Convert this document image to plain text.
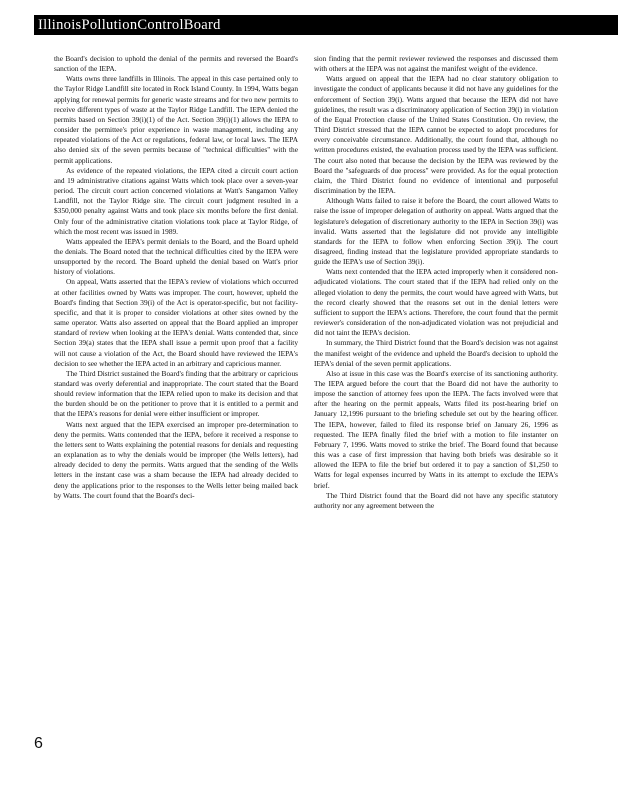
IllinoisPollutionControlBoard

the Board's decision to uphold the denial of the permits and reversed the Board's sanction of the IEPA.

Watts owns three landfills in Illinois. The appeal in this case pertained only to the Taylor Ridge Landfill site located in Rock Island County. In 1994, Watts began applying for renewal permits for generic waste streams and for two new permits to receive different types of waste at the Taylor Ridge Landfill. The IEPA denied the permits based on Section 39(i)(1) of the Act. Section 39(i)(1) allows the IEPA to consider the permittee's prior experience in waste management, including any repeated violations of the Act or regulations, federal law, or local laws. The IEPA also denied six of the seven permits because of "technical difficulties" with the permit applications.

As evidence of the repeated violations, the IEPA cited a circuit court action and 19 administrative citations against Watts which took place over a seven-year period. The circuit court action concerned violations at Watt's Sangamon Valley Landfill, not the Taylor Ridge site. The circuit court judgment resulted in a $350,000 penalty against Watts and took place six months before the first denial. Only four of the administrative citation violations took place at Taylor Ridge, of which the most recent was issued in 1989.

Watts appealed the IEPA's permit denials to the Board, and the Board upheld the denials. The Board noted that the technical difficulties cited by the IEPA were unsupported by the record. The Board upheld the denial based on Watt's prior history of violations.

On appeal, Watts asserted that the IEPA's review of violations which occurred at other facilities owned by Watts was improper. The court, however, upheld the Board's finding that Section 39(i) of the Act is operator-specific, but not facility-specific, and that it is proper to consider violations at other sites owned by the same operator. Watts also asserted on appeal that the Board applied an improper standard of review when looking at the IEPA's denial. Watts contended that, since Section 39(a) states that the IEPA shall issue a permit upon proof that a facility will not cause a violation of the Act, the Board should have reviewed the IEPA's decision to see whether the IEPA acted in an arbitrary and capricious manner.

The Third District sustained the Board's finding that the arbitrary or capricious standard was overly deferential and inappropriate. The court stated that the Board should review information that the IEPA relied upon to make its decision and that the burden should be on the petitioner to prove that it is entitled to a permit and that the IEPA's reasons for denial were either insufficient or improper.

Watts next argued that the IEPA exercised an improper pre-determination to deny the permits. Watts contended that the IEPA, before it received a response to the letters sent to Watts explaining the potential reasons for denials and requesting an explanation as to why the denials would be improper (the Wells letters), had already decided to deny the permits. Watts argued that the sending of the Wells letters in the instant case was a sham because the IEPA had already decided to deny the applications prior to the responses to the Wells letter being mailed back by Watts. The court found that the Board's deci-

sion finding that the permit reviewer reviewed the responses and discussed them with others at the IEPA was not against the manifest weight of the evidence.

Watts argued on appeal that the IEPA had no clear statutory obligation to investigate the conduct of applicants because it did not have any guidelines for the enforcement of Section 39(i). Watts argued that because the IEPA did not have guidelines, the result was a discriminatory application of Section 39(i) in violation of the Equal Protection clause of the United States Constitution. On review, the Third District stressed that the IEPA cannot be expected to adopt procedures for every conceivable circumstance. Additionally, the court found that, although no written procedures existed, the evaluation process used by the IEPA was sufficient. The court also noted that because the decision by the IEPA was reviewed by the Board the "safeguards of due process" were provided. As for the equal protection claim, the Third District found no evidence of intentional and purposeful discrimination by the IEPA.

Although Watts failed to raise it before the Board, the court allowed Watts to raise the issue of improper delegation of authority on appeal. Watts argued that the legislature's delegation of discretionary authority to the IEPA in Section 39(i) was invalid. Watts asserted that the legislature did not provide any intelligible standards for the IEPA to follow when enforcing Section 39(i). The court disagreed, finding instead that the legislature provided appropriate standards to guide the IEPA's use of Section 39(i).

Watts next contended that the IEPA acted improperly when it considered non-adjudicated violations. The court stated that if the IEPA had relied only on the alleged violation to deny the permits, the court would have agreed with Watts, but the record clearly showed that the reasons set out in the denial letters were sufficient to support the IEPA's actions. Therefore, the court found that the permit reviewer's consideration of the non-adjudicated violation was not prejudicial and did not taint the IEPA's decision.

In summary, the Third District found that the Board's decision was not against the manifest weight of the evidence and upheld the Board's decision to uphold the IEPA's denial of the seven permit applications.

Also at issue in this case was the Board's exercise of its sanctioning authority. The IEPA argued before the court that the Board did not have the authority to impose the sanction of attorney fees upon the IEPA. The facts involved were that after the hearing on the permit appeals, Watts filed its post-hearing brief on January 12,1996 pursuant to the briefing schedule set out by the hearing officer. The IEPA, however, failed to filed its response brief on January 26, 1996 as requested. The IEPA finally filed the brief with a motion to file instanter on February 7, 1996. Watts moved to strike the brief. The Board found that because this was a case of first impression that having both briefs was desirable so it allowed the IEPA to file the brief but ordered it to pay a sanction of $1,250 to Watts for legal expenses incurred by Watts in its attempt to exclude the IEPA's brief.

The Third District found that the Board did not have any specific statutory authority nor any agreement between the

6
